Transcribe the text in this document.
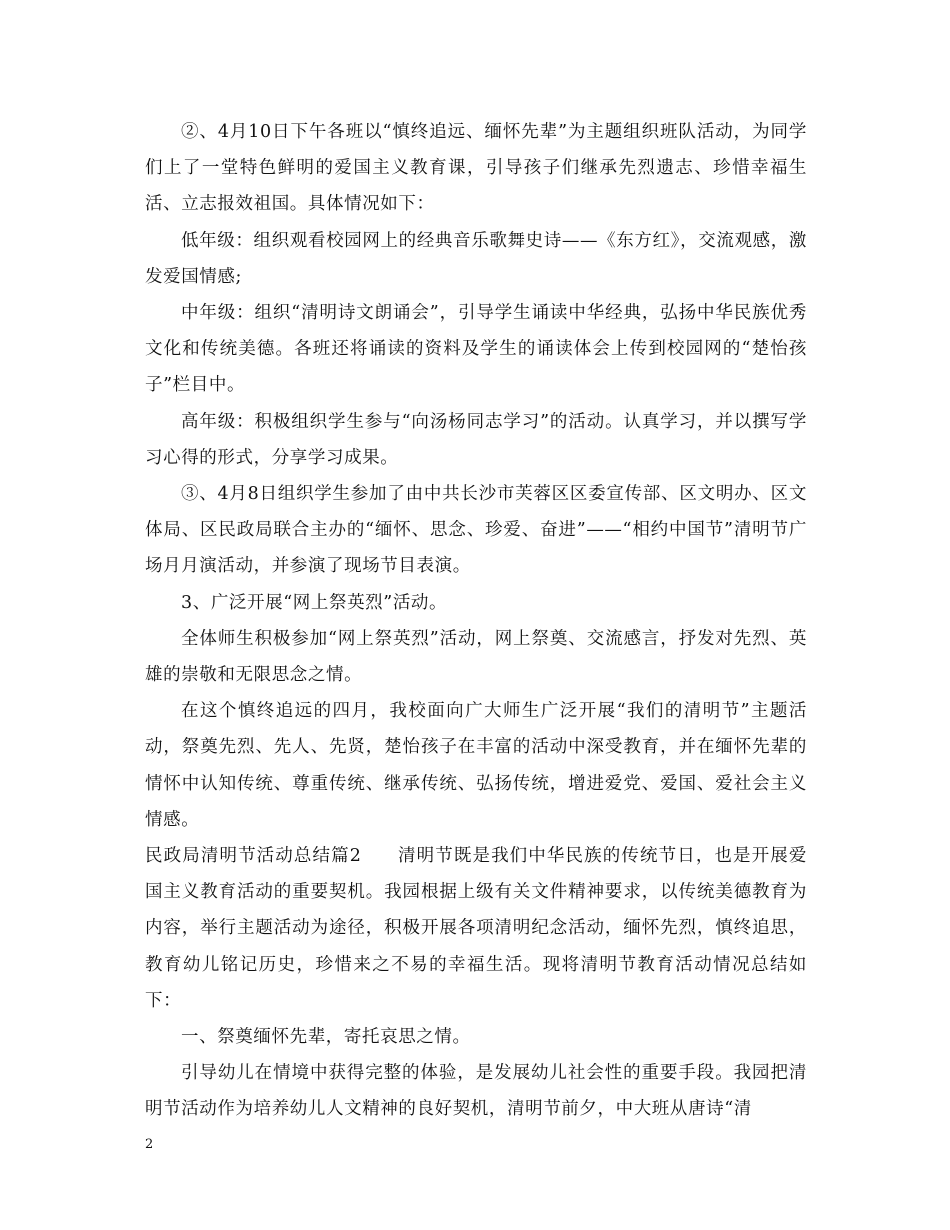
②、4月10日下午各班以“慎终追远、缅怀先辈”为主题组织班队活动，为同学们上了一堂特色鲜明的爱国主义教育课，引导孩子们继承先烈遗志、珍惜幸福生活、立志报效祖国。具体情况如下：

低年级：组织观看校园网上的经典音乐歌舞史诗——《东方红》，交流观感，激发爱国情感;

中年级：组织“清明诗文朗诵会”，引导学生诵读中华经典，弘扬中华民族优秀文化和传统美德。各班还将诵读的资料及学生的诵读体会上传到校园网的“楚怡孩子”栏目中。

高年级：积极组织学生参与“向汤杨同志学习”的活动。认真学习，并以撰写学习心得的形式，分享学习成果。

③、4月8日组织学生参加了由中共长沙市芙蓉区区委宣传部、区文明办、区文体局、区民政局联合主办的“缅怀、思念、珍爱、奋进”——“相约中国节”清明节广场月月演活动，并参演了现场节目表演。

3、广泛开展“网上祭英烈”活动。

全体师生积极参加“网上祭英烈”活动，网上祭奠、交流感言，抒发对先烈、英雄的崇敬和无限思念之情。

在这个慎终追远的四月，我校面向广大师生广泛开展“我们的清明节”主题活动，祭奠先烈、先人、先贤，楚怡孩子在丰富的活动中深受教育，并在缅怀先辈的情怀中认知传统、尊重传统、继承传统、弘扬传统，增进爱党、爱国、爱社会主义情感。

民政局清明节活动总结篇2 清明节既是我们中华民族的传统节日，也是开展爱国主义教育活动的重要契机。我园根据上级有关文件精神要求，以传统美德教育为内容，举行主题活动为途径，积极开展各项清明纪念活动，缅怀先烈，慎终追思，教育幼儿铭记历史，珍惜来之不易的幸福生活。现将清明节教育活动情况总结如下：

一、祭奠缅怀先辈，寄托哀思之情。

引导幼儿在情境中获得完整的体验，是发展幼儿社会性的重要手段。我园把清明节活动作为培养幼儿人文精神的良好契机，清明节前夕，中大班从唐诗“清

2
